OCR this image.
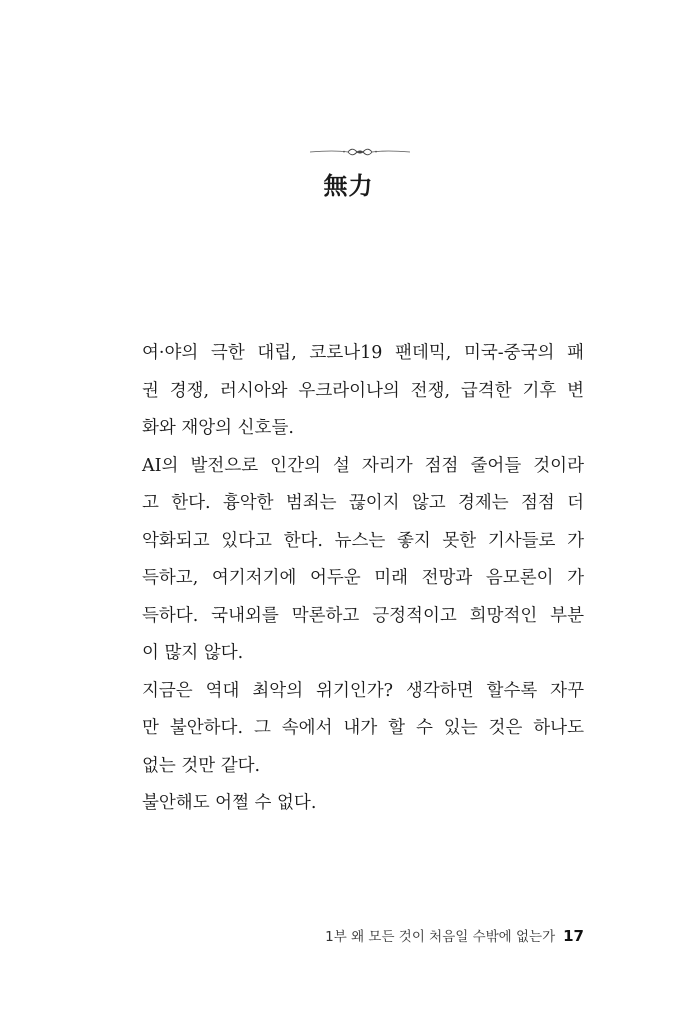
無力
여·야의 극한 대립, 코로나19 팬데믹, 미국-중국의 패
권 경쟁, 러시아와 우크라이나의 전쟁, 급격한 기후 변
화와 재앙의 신호들.
AI의 발전으로 인간의 설 자리가 점점 줄어들 것이라
고 한다. 흉악한 범죄는 끊이지 않고 경제는 점점 더
악화되고 있다고 한다. 뉴스는 좋지 못한 기사들로 가
득하고, 여기저기에 어두운 미래 전망과 음모론이 가
득하다. 국내외를 막론하고 긍정적이고 희망적인 부분
이 많지 않다.
지금은 역대 최악의 위기인가? 생각하면 할수록 자꾸
만 불안하다. 그 속에서 내가 할 수 있는 것은 하나도
없는 것만 같다.
불안해도 어쩔 수 없다.
1부 왜 모든 것이 처음일 수밖에 없는가 17
